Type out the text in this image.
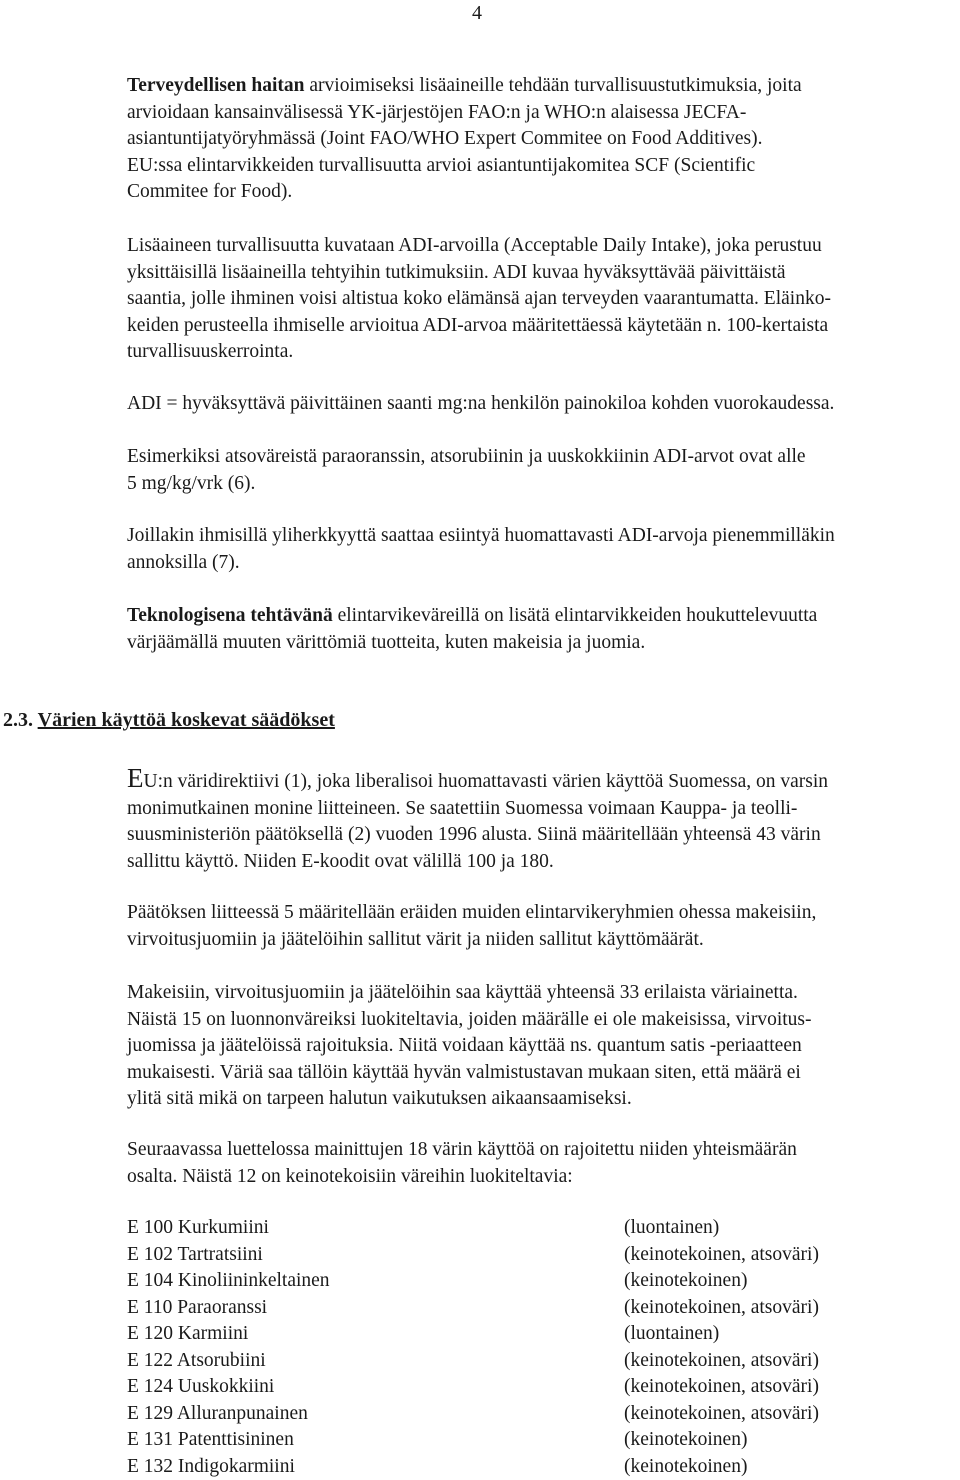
4
Terveydellisen haitan arvioimiseksi lisäaineille tehdään turvallisuustutkimuksia, joita
arvioidaan kansainvälisessä YK-järjestöjen FAO:n ja WHO:n alaisessa JECFA-
asiantuntijatyöryhmässä (Joint FAO/WHO Expert Commitee on Food Additives).
EU:ssa elintarvikkeiden turvallisuutta arvioi asiantuntijakomitea SCF (Scientific
Commitee for Food).
Lisäaineen turvallisuutta kuvataan ADI-arvoilla (Acceptable Daily Intake), joka perustuu
yksittäisillä lisäaineilla tehtyihin tutkimuksiin. ADI kuvaa hyväksyttävää päivittäistä
saantia, jolle ihminen voisi altistua koko elämänsä ajan terveyden vaarantumatta. Eläinko-
keiden perusteella ihmiselle arvioitua ADI-arvoa määritettäessä käytetään n. 100-kertaista
turvallisuuskerrointa.
ADI = hyväksyttävä päivittäinen saanti mg:na henkilön painokiloa kohden vuorokaudessa.
Esimerkiksi atsoväreistä paraoranssin, atsorubiinin ja uuskokkiinin ADI-arvot ovat alle
5 mg/kg/vrk (6).
Joillakin ihmisillä yliherkkyyttä saattaa esiintyä huomattavasti ADI-arvoja pienemmilläkin
annoksilla (7).
Teknologisena tehtävänä elintarvikeväreillä on lisätä elintarvikkeiden houkuttelevuutta
värjäämällä muuten värittömiä tuotteita, kuten makeisia ja juomia.
2.3. Värien käyttöä koskevat säädökset
EU:n väridirektiivi (1), joka liberalisoi huomattavasti värien käyttöä Suomessa, on varsin
monimutkainen monine liitteineen. Se saatettiin Suomessa voimaan Kauppa- ja teolli-
suusministeriön päätöksellä (2) vuoden 1996 alusta. Siinä määritellään yhteensä 43 värin
sallittu käyttö. Niiden E-koodit ovat välillä 100 ja 180.
Päätöksen liitteessä 5 määritellään eräiden muiden elintarvikeryhmien ohessa makeisiin,
virvoitusjuomiin ja jäätelöihin sallitut värit ja niiden sallitut käyttömäärät.
Makeisiin, virvoitusjuomiin ja jäätelöihin saa käyttää yhteensä 33 erilaista väriainetta.
Näistä 15 on luonnonväreiksi luokiteltavia, joiden määrälle ei ole makeisissa, virvoitus-
juomissa ja jäätelöissä rajoituksia. Niitä voidaan käyttää ns. quantum satis -periaatteen
mukaisesti. Väriä saa tällöin käyttää hyvän valmistustavan mukaan siten, että määrä ei
ylitä sitä mikä on tarpeen halutun vaikutuksen aikaansaamiseksi.
Seuraavassa luettelossa mainittujen 18 värin käyttöä on rajoitettu niiden yhteismäärän
osalta. Näistä 12 on keinotekoisiin väreihin luokiteltavia:
E 100 Kurkumiini	(luontainen)
E 102 Tartratsiini	(keinotekoinen, atsoväri)
E 104 Kinoliininkeltainen	(keinotekoinen)
E 110 Paraoranssi	(keinotekoinen, atsoväri)
E 120 Karmiini	(luontainen)
E 122 Atsorubiini	(keinotekoinen, atsoväri)
E 124 Uuskokkiini	(keinotekoinen, atsoväri)
E 129 Alluranpunainen	(keinotekoinen, atsoväri)
E 131 Patenttisininen	(keinotekoinen)
E 132 Indigokarmiini	(keinotekoinen)
